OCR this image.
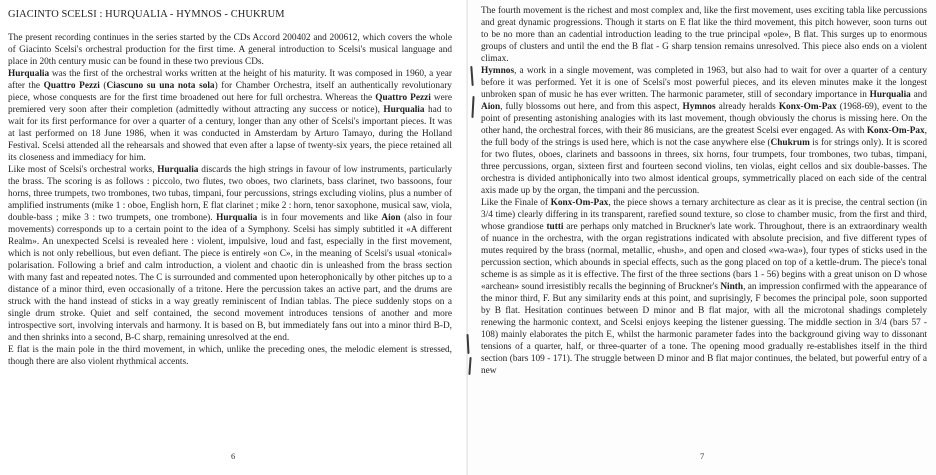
GIACINTO SCELSI : HURQUALIA - HYMNOS - CHUKRUM

The present recording continues in the series started by the CDs Accord 200402 and 200612, which covers the whole of Giacinto Scelsi's orchestral production for the first time. A general introduction to Scelsi's musical language and place in 20th century music can be found in these two previous CDs.

Hurqualia was the first of the orchestral works written at the height of his maturity. It was composed in 1960, a year after the Quattro Pezzi (Ciascuno su una nota sola) for Chamber Orchestra, itself an authentically revolutionary piece, whose conquests are for the first time broadened out here for full orchestra. Whereas the Quattro Pezzi were premiered very soon after their completion (admittedly without attracting any success or notice), Hurqualia had to wait for its first performance for over a quarter of a century, longer than any other of Scelsi's important pieces. It was at last performed on 18 June 1986, when it was conducted in Amsterdam by Arturo Tamayo, during the Holland Festival. Scelsi attended all the rehearsals and showed that even after a lapse of twenty-six years, the piece retained all its closeness and immediacy for him.

Like most of Scelsi's orchestral works, Hurqualia discards the high strings in favour of low instruments, particularly the brass. The scoring is as follows : piccolo, two flutes, two oboes, two clarinets, bass clarinet, two bassoons, four horns, three trumpets, two trombones, two tubas, timpani, four percussions, strings excluding violins, plus a number of amplified instruments (mike 1 : oboe, English horn, E flat clarinet ; mike 2 : horn, tenor saxophone, musical saw, viola, double-bass ; mike 3 : two trumpets, one trombone). Hurqualia is in four movements and like Aion (also in four movements) corresponds up to a certain point to the idea of a Symphony. Scelsi has simply subtitled it «A different Realm». An unexpected Scelsi is revealed here : violent, impulsive, loud and fast, especially in the first movement, which is not only rebellious, but even defiant. The piece is entirely «on C», in the meaning of Scelsi's usual «tonical» polarisation. Following a brief and calm introduction, a violent and chaotic din is unleashed from the brass section with many fast and repeated notes. The C is surrounded and commented upon heterophonically by other pitches up to a distance of a minor third, even occasionally of a tritone. Here the percussion takes an active part, and the drums are struck with the hand instead of sticks in a way greatly reminiscent of Indian tablas. The piece suddenly stops on a single drum stroke. Quiet and self contained, the second movement introduces tensions of another and more introspective sort, involving intervals and harmony. It is based on B, but immediately fans out into a minor third B-D, and then shrinks into a second, B-C sharp, remaining unresolved at the end.

E flat is the main pole in the third movement, in which, unlike the preceding ones, the melodic element is stressed, though there are also violent rhythmical accents.

6

The fourth movement is the richest and most complex and, like the first movement, uses exciting tabla like percussions and great dynamic progressions. Though it starts on E flat like the third movement, this pitch however, soon turns out to be no more than an cadential introduction leading to the true principal «pole», B flat. This surges up to enormous groups of clusters and until the end the B flat - G sharp tension remains unresolved. This piece also ends on a violent climax.

Hymnos, a work in a single movement, was completed in 1963, but also had to wait for over a quarter of a century before it was performed. Yet it is one of Scelsi's most powerful pieces, and its eleven minutes make it the longest unbroken span of music he has ever written. The harmonic parameter, still of secondary importance in Hurqualia and Aion, fully blossoms out here, and from this aspect, Hymnos already heralds Konx-Om-Pax (1968-69), event to the point of presenting astonishing analogies with its last movement, though obviously the chorus is missing here. On the other hand, the orchestral forces, with their 86 musicians, are the greatest Scelsi ever engaged. As with Konx-Om-Pax, the full body of the strings is used here, which is not the case anywhere else (Chukrum is for strings only). It is scored for two flutes, oboes, clarinets and bassoons in threes, six horns, four trumpets, four trombones, two tubas, timpani, three percussions, organ, sixteen first and fourteen second violins, ten violas, eight cellos and six double-basses. The orchestra is divided antiphonically into two almost identical groups, symmetrically placed on each side of the central axis made up by the organ, the timpani and the percussion.

Like the Finale of Konx-Om-Pax, the piece shows a ternary architecture as clear as it is precise, the central section (in 3/4 time) clearly differing in its transparent, rarefied sound texture, so close to chamber music, from the first and third, whose grandiose tutti are perhaps only matched in Bruckner's late work. Throughout, there is an extraordinary wealth of nuance in the orchestra, with the organ registrations indicated with absolute precision, and five different types of mutes required by the brass (normal, metallic, «hush», and open and closed «wa-wa»), four types of sticks used in the percussion section, which abounds in special effects, such as the gong placed on top of a kettle-drum. The piece's tonal scheme is as simple as it is effective. The first of the three sections (bars 1 - 56) begins with a great unison on D whose «archean» sound irresistibly recalls the beginning of Bruckner's Ninth, an impression confirmed with the appearance of the minor third, F. But any similarity ends at this point, and suprisingly, F becomes the principal pole, soon supported by B flat. Hesitation continues between D minor and B flat major, with all the microtonal shadings completely renewing the harmonic context, and Scelsi enjoys keeping the listener guessing. The middle section in 3/4 (bars 57 - 108) mainly elaborates the pitch E, whilst the harmonic parameter fades into the background giving way to dissonant tensions of a quarter, half, or three-quarter of a tone. The opening mood gradually re-establishes itself in the third section (bars 109 - 171). The struggle between D minor and B flat major continues, the belated, but powerful entry of a new

7
